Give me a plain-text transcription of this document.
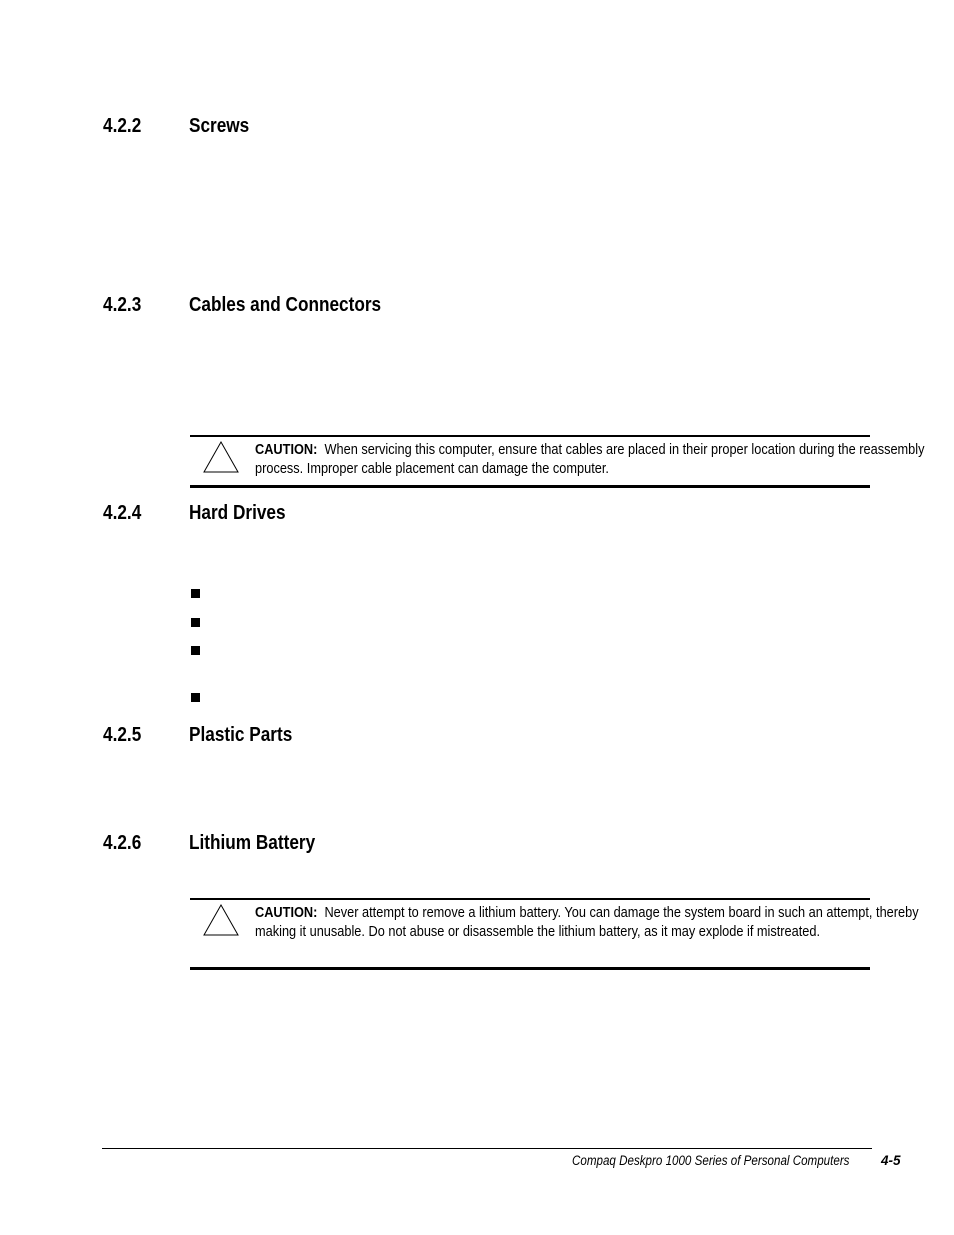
4.2.2 Screws
4.2.3 Cables and Connectors
CAUTION: When servicing this computer, ensure that cables are placed in their proper location during the reassembly process. Improper cable placement can damage the computer.
4.2.4 Hard Drives
4.2.5 Plastic Parts
4.2.6 Lithium Battery
CAUTION: Never attempt to remove a lithium battery. You can damage the system board in such an attempt, thereby making it unusable. Do not abuse or disassemble the lithium battery, as it may explode if mistreated.
Compaq Deskpro 1000 Series of Personal Computers 4-5
